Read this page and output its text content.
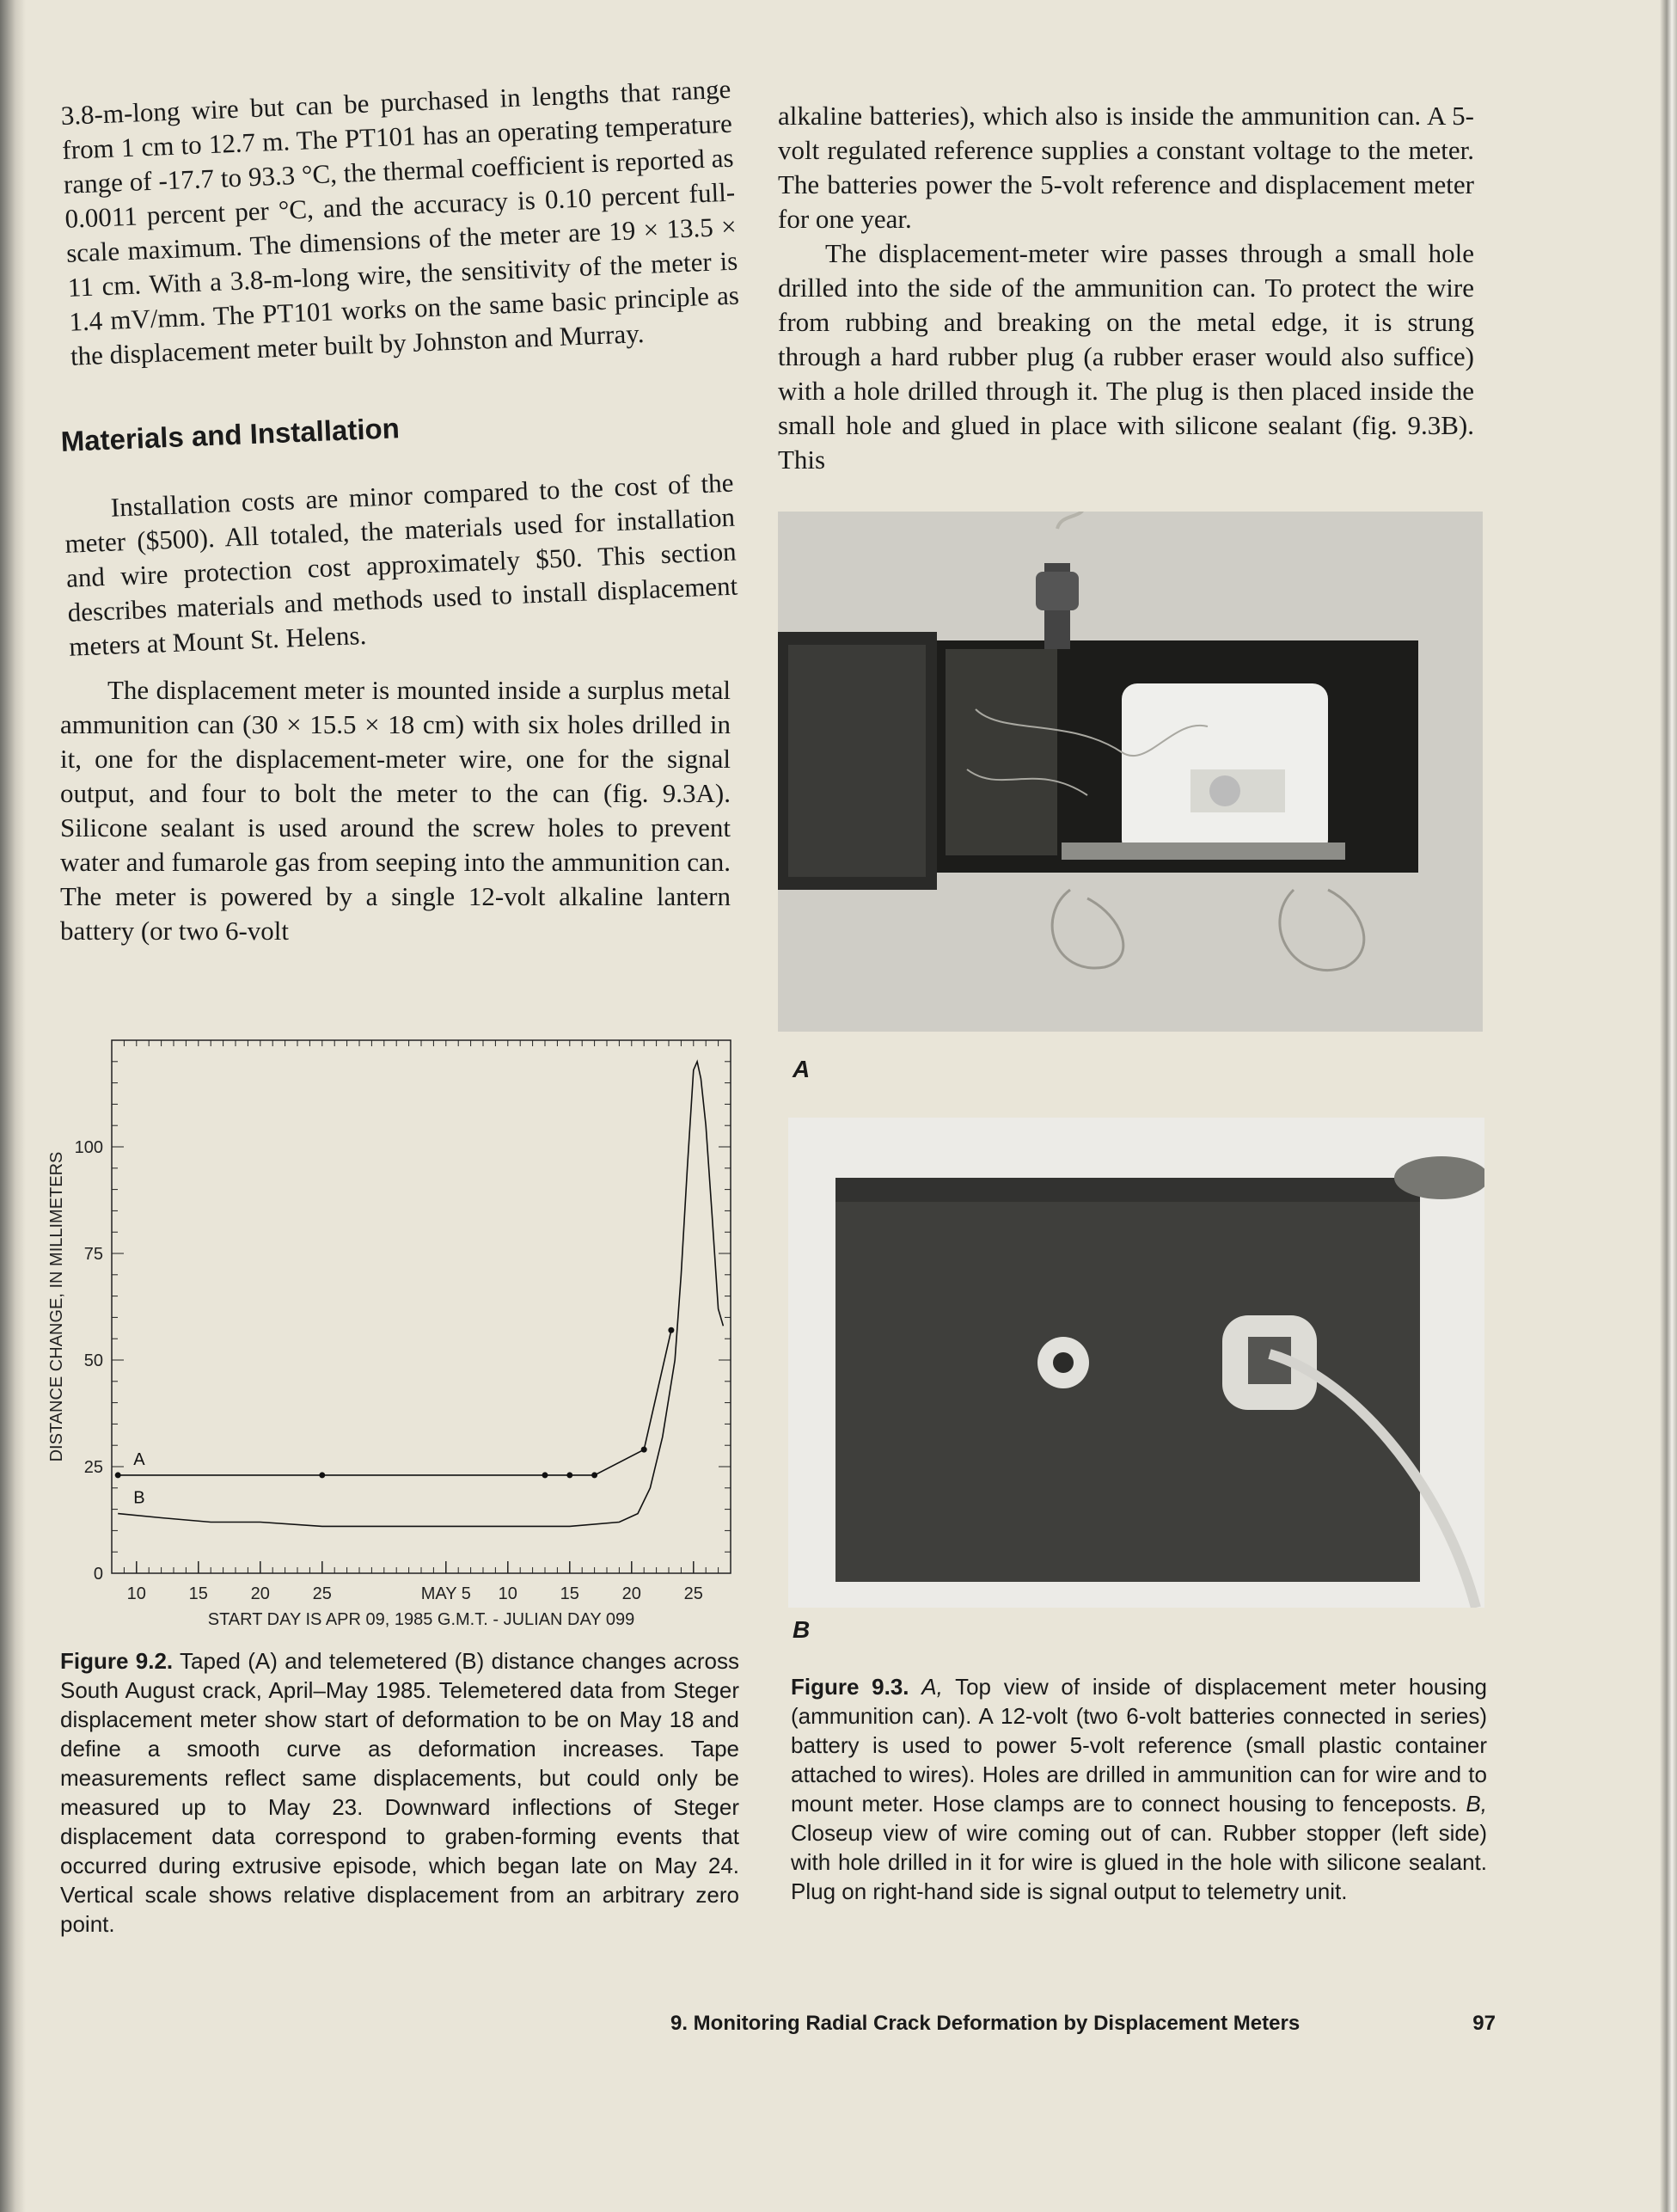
3.8-m-long wire but can be purchased in lengths that range from 1 cm to 12.7 m. The PT101 has an operating temperature range of -17.7 to 93.3 °C, the thermal coefficient is reported as 0.0011 percent per °C, and the accuracy is 0.10 percent full-scale maximum. The dimensions of the meter are 19 × 13.5 × 11 cm. With a 3.8-m-long wire, the sensitivity of the meter is 1.4 mV/mm. The PT101 works on the same basic principle as the displacement meter built by Johnston and Murray.

Materials and Installation

Installation costs are minor compared to the cost of the meter ($500). All totaled, the materials used for installation and wire protection cost approximately $50. This section describes materials and methods used to install displacement meters at Mount St. Helens.

The displacement meter is mounted inside a surplus metal ammunition can (30 × 15.5 × 18 cm) with six holes drilled in it, one for the displacement-meter wire, one for the signal output, and four to bolt the meter to the can (fig. 9.3A). Silicone sealant is used around the screw holes to prevent water and fumarole gas from seeping into the ammunition can. The meter is powered by a single 12-volt alkaline lantern battery (or two 6-volt

alkaline batteries), which also is inside the ammunition can. A 5-volt regulated reference supplies a constant voltage to the meter. The batteries power the 5-volt reference and displacement meter for one year.

The displacement-meter wire passes through a small hole drilled into the side of the ammunition can. To protect the wire from rubbing and breaking on the metal edge, it is strung through a hard rubber plug (a rubber eraser would also suffice) with a hole drilled through it. The plug is then placed inside the small hole and glued in place with silicone sealant (fig. 9.3B). This

DISTANCE CHANGE, IN MILLIMETERS
START DAY IS APR 09, 1985 G.M.T. - JULIAN DAY 099
10 15 20 25	MAY 5 10 15 20 25
0
25
50
75
100
A
B
Figure 9.2. Taped (A) and telemetered (B) distance changes across South August crack, April–May 1985. Telemetered data from Steger displacement meter show start of deformation to be on May 18 and define a smooth curve as deformation increases. Tape measurements reflect same displacements, but could only be measured up to May 23. Downward inflections of Steger displacement data correspond to graben-forming events that occurred during extrusive episode, which began late on May 24. Vertical scale shows relative displacement from an arbitrary zero point.
A
B
Figure 9.3. A, Top view of inside of displacement meter housing (ammunition can). A 12-volt (two 6-volt batteries connected in series) battery is used to power 5-volt reference (small plastic container attached to wires). Holes are drilled in ammunition can for wire and to mount meter. Hose clamps are to connect housing to fenceposts. B, Closeup view of wire coming out of can. Rubber stopper (left side) with hole drilled in it for wire is glued in the hole with silicone sealant. Plug on right-hand side is signal output to telemetry unit.
9. Monitoring Radial Crack Deformation by Displacement Meters	97
